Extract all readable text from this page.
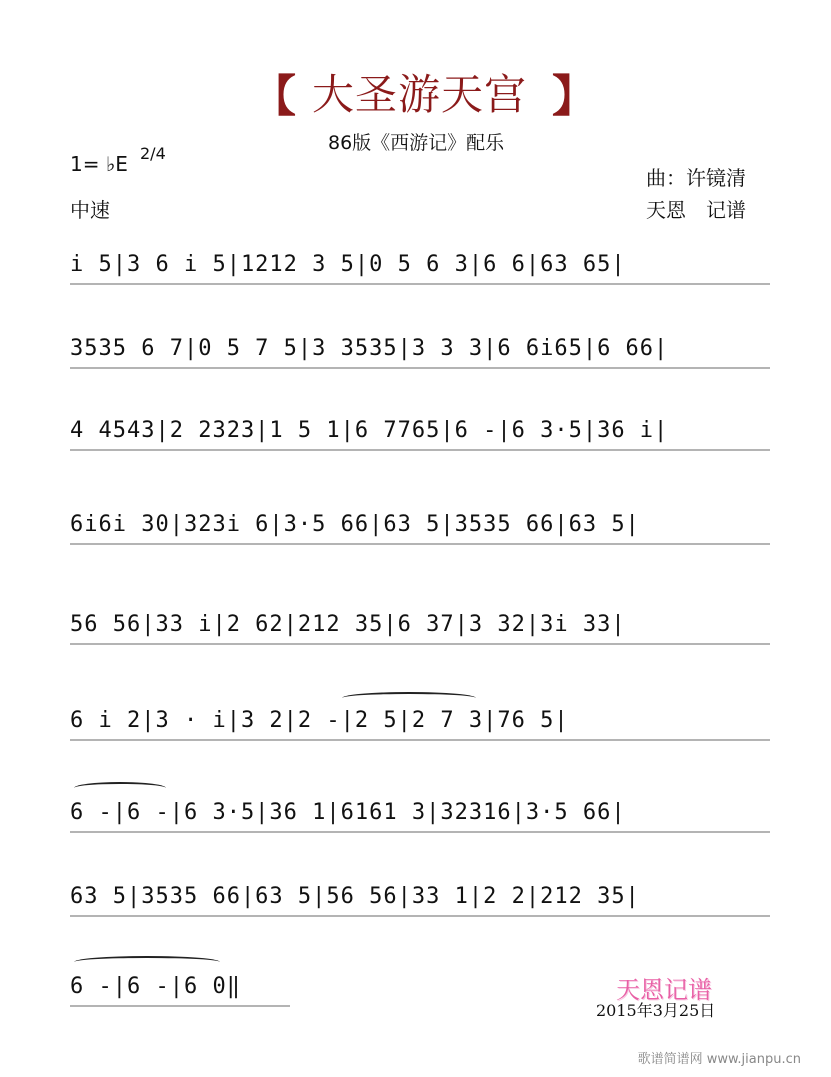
【 大圣游天宫 】
86版《西游记》配乐
1= ♭E 2/4
中速
曲：许镜清
天恩　记谱
i 5|3 6 i 5|1212 3 5|0 5 6 3|6 6|63 65|
3535 6 7|0 5 7 5|3 3535|3 3 3|6 6i65|6 66|
4 4543|2 2323|1 5 1|6 7765|6 -|6 3·5|36 i|
6i6i 30|323i 6|3·5 66|63 5|3535 66|63 5|
56 56|33 i|2 62|212 35|6 37|3 32|3i 33|
6 i 2|3 · i|3 2|2 -|2 5|2 7 3|76 5|
6 -|6 -|6 3·5|36 1|6161 3|32316|3·5 66|
63 5|3535 66|63 5|56 56|33 1|2 2|212 35|
6 -|6 -|6 0‖	天恩记谱
2015年3月25日
歌谱简谱网 www.jianpu.cn
